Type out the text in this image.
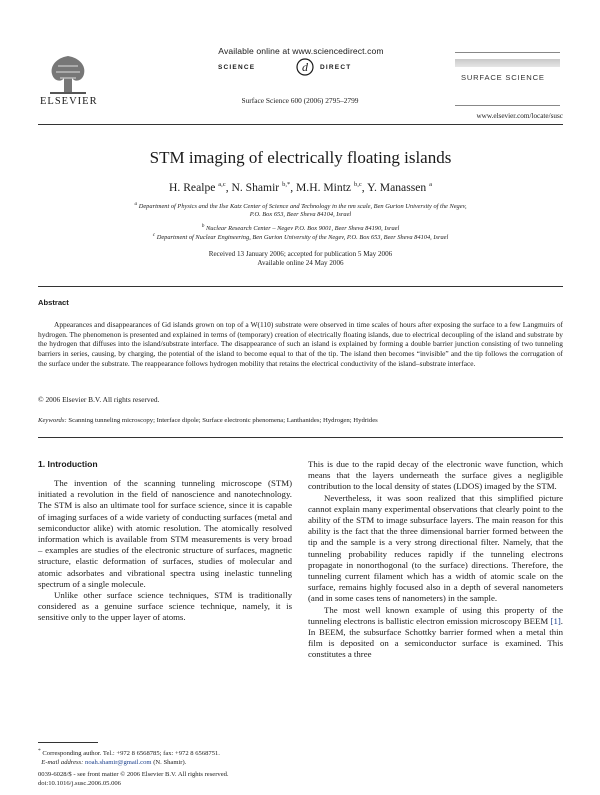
Available online at www.sciencedirect.com
SCIENCE	d DIRECT
Surface Science 600 (2006) 2795–2799
ELSEVIER
SURFACE SCIENCE
www.elsevier.com/locate/susc
STM imaging of electrically floating islands
H. Realpe $^{a,c}$, N. Shamir $^{b,*}$, M.H. Mintz $^{b,c}$, Y. Manassen $^a$
$^a$ Department of Physics and the Ilse Katz Center of Science and Technology in the nm scale, Ben Gurion University of the Negev,
P.O. Box 653, Beer Sheva 84104, Israel
$^b$ Nuclear Research Center – Negev P.O. Box 9001, Beer Sheva 84190, Israel
$^c$ Department of Nuclear Engineering, Ben Gurion University of the Negev, P.O. Box 653, Beer Sheva 84104, Israel
Received 13 January 2006; accepted for publication 5 May 2006
Available online 24 May 2006
Abstract

Appearances and disappearances of Gd islands grown on top of a W(110) substrate were observed in time scales of hours after exposing the surface to a few Langmuirs of hydrogen. The phenomenon is presented and explained in terms of (temporary) creation of electrically floating islands, due to electrical decoupling of the island and substrate by the hydrogen that diffuses into the island/substrate interface. The disappearance of such an island is explained by forming a double barrier junction consisting of two tunneling barriers in series, causing, by charging, the potential of the island to become equal to that of the tip. The island then becomes “invisible” and the tip follows the corrugation of the surface under the substrate. The reappearance follows hydrogen mobility that retains the electrical conductivity of the island–substrate interface.

© 2006 Elsevier B.V. All rights reserved.
Keywords: Scanning tunneling microscopy; Interface dipole; Surface electronic phenomena; Lanthanides; Hydrogen; Hydrides
1. Introduction

The invention of the scanning tunneling microscope (STM) initiated a revolution in the field of nanoscience and nanotechnology. The STM is also an ultimate tool for surface science, since it is capable of imaging surfaces of a wide variety of conducting surfaces (metal and semiconductor alike) with atomic resolution. The atomically resolved information which is available from STM measurements is very broad – examples are studies of the electronic structure of surfaces, magnetic structure, elastic deformation of surfaces, studies of molecular and atomic adsorbates and vibrational spectra using inelastic tunneling spectrum of a single molecule.

Unlike other surface science techniques, STM is traditionally considered as a genuine surface science technique, namely, it is sensitive only to the upper layer of atoms.

This is due to the rapid decay of the electronic wave function, which means that the layers underneath the surface gives a negligible contribution to the local density of states (LDOS) imaged by the STM.

Nevertheless, it was soon realized that this simplified picture cannot explain many experimental observations that clearly point to the ability of the STM to image subsurface layers. The main reason for this ability is the fact that the three dimensional barrier formed between the tip and the sample is a very strong directional filter. Namely, that the tunneling probability reduces rapidly if the tunneling electrons propagate in nonorthogonal (to the surface) directions. Therefore, the tunneling current filament which has a width of atomic scale on the surface, remains highly focused also in a depth of several nanometers (and in some cases tens of nanometers) in the sample.

The most well known example of using this property of the tunneling electrons is ballistic electron emission microscopy BEEM [1]. In BEEM, the subsurface Schottky barrier formed when a metal thin film is deposited on a semiconductor surface is examined. This constitutes a three

* Corresponding author. Tel.: +972 8 6568785; fax: +972 8 6568751.
E-mail address: noah.shamir@gmail.com (N. Shamir).
0039-6028/$ - see front matter © 2006 Elsevier B.V. All rights reserved.
doi:10.1016/j.susc.2006.05.006
